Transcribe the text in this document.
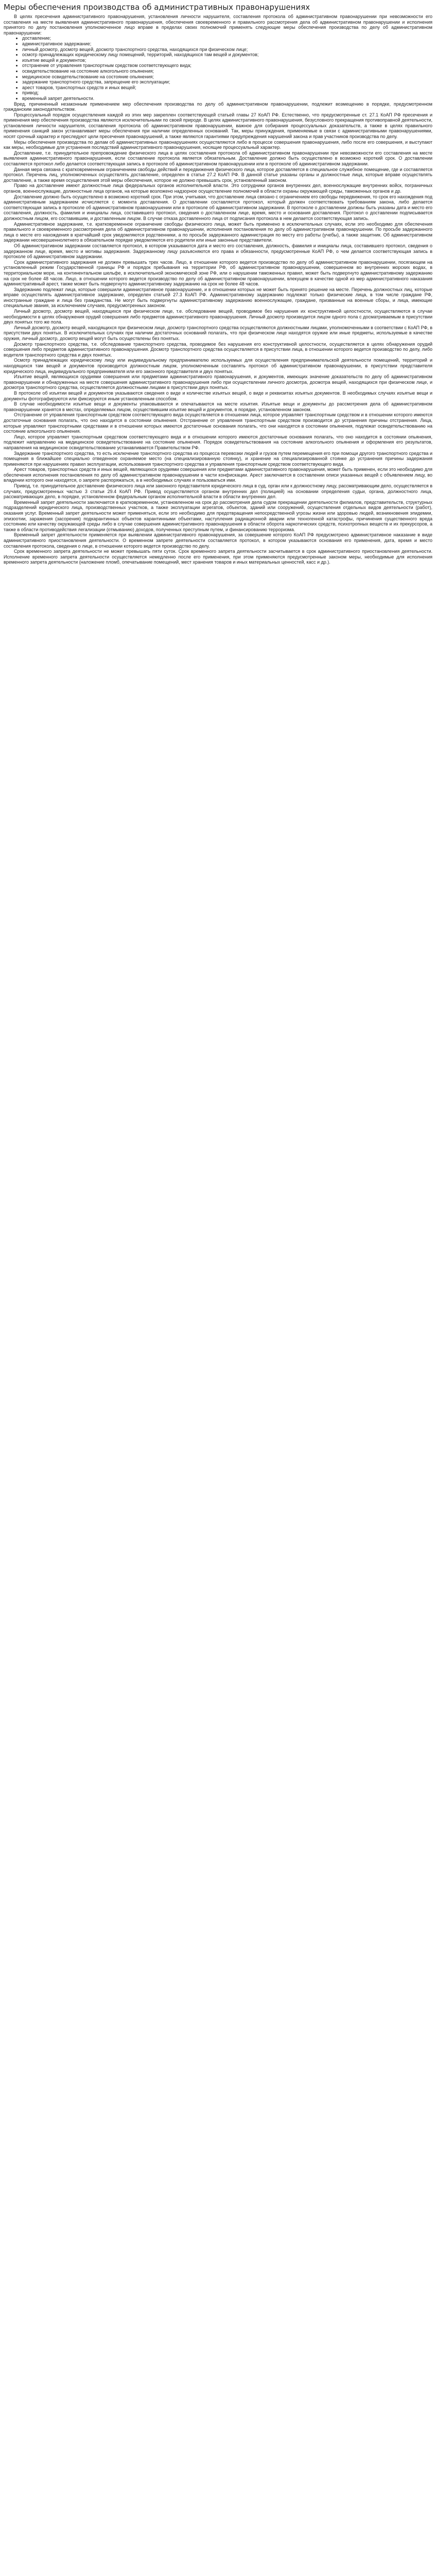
Меры обеспечения производства об административных правонарушениях

В целях пресечения административного правонарушения, установления личности нарушителя, составления протокола об административном правонарушении при невозможности его составления на месте выявления административного правонарушения, обеспечения своевременного и правильного рассмотрения дела об административном правонарушении и исполнения принятого по делу постановления уполномоченное лицо вправе в пределах своих полномочий применять следующие меры обеспечения производства по делу об административном правонарушении:

• доставление;
• административное задержание;
• личный досмотр, досмотр вещей, досмотр транспортного средства, находящихся при физическом лице;
• осмотр принадлежащих юридическому лицу помещений, территорий, находящихся там вещей и документов;
• изъятие вещей и документов;
• отстранение от управления транспортным средством соответствующего вида;
• освидетельствование на состояние алкогольного опьянения;
• медицинское освидетельствование на состояние опьянения;
• задержание транспортного средства, запрещение его эксплуатации;
• арест товаров, транспортных средств и иных вещей;
• привод;
• временный запрет деятельности.

Вред, причиненный незаконным применением мер обеспечения производства по делу об административном правонарушении, подлежит возмещению в порядке, предусмотренном гражданским законодательством.

Процессуальный порядок осуществления каждой из этих мер закреплен соответствующей статьей главы 27 КоАП РФ. Естественно, что предусмотренные ст. 27.1 КоАП РФ пресечения и применения мер обеспечения производства являются исключительными по своей природе. В целях административного правонарушения, безусловного прекращения противоправной деятельности, установления личности нарушителя, составления протокола об административном правонарушении, важное для собирания процессуальных доказательств, а также в целях правильного применения санкций закон устанавливает меры обеспечения при наличии определенных оснований. Так, меры принуждения, применяемые в связи с административными правонарушениями, носят срочный характер и преследуют цели пресечения правонарушений, а также являются гарантиями предупреждения нарушений закона и прав участников производства по делу.

Меры обеспечения производства по делам об административных правонарушениях осуществляются либо в процессе совершения правонарушения, либо после его совершения, и выступают как меры, необходимые для устранения последствий административного правонарушения, носящие процессуальный характер.

Доставление, т.е. принудительное препровождение физического лица в целях составления протокола об административном правонарушении при невозможности его составления на месте выявления административного правонарушения, если составление протокола является обязательным. Доставление должно быть осуществлено в возможно короткий срок. О доставлении составляется протокол либо делается соответствующая запись в протоколе об административном правонарушении или в протоколе об административном задержании.

Данная мера связана с кратковременным ограничением свободы действий и передвижения физического лица, которое доставляется в специальное служебное помещение, где и составляется протокол. Перечень лиц, уполномоченных осуществлять доставление, определен в статье 27.2 КоАП РФ. В данной статье указаны органы и должностные лица, которые вправе осуществлять доставление, а также время осуществления этой меры обеспечения, которое не должно превышать срок, установленный законом.

Право на доставление имеют должностные лица федеральных органов исполнительной власти. Это сотрудники органов внутренних дел, военнослужащие внутренних войск, пограничных органов, военнослужащие, должностные лица органов, на которые возложено надзорное осуществление полномочий в области охраны окружающей среды, таможенных органов и др.

Доставление должно быть осуществлено в возможно короткий срок. При этом, учитывая, что доставление лица связано с ограничением его свободы передвижения, то срок его нахождения под административным задержанием исчисляется с момента доставления. О доставлении составляется протокол, который должен соответствовать требованиям закона, либо делается соответствующая запись в протоколе об административном правонарушении или в протоколе об административном задержании. В протоколе о доставлении должны быть указаны дата и место его составления, должность, фамилия и инициалы лица, составившего протокол, сведения о доставленном лице, время, место и основания доставления. Протокол о доставлении подписывается должностным лицом, его составившим, и доставленным лицом. В случае отказа доставленного лица от подписания протокола в нем делается соответствующая запись.

Административное задержание, т.е. кратковременное ограничение свободы физического лица, может быть применено в исключительных случаях, если это необходимо для обеспечения правильного и своевременного рассмотрения дела об административном правонарушении, исполнения постановления по делу об административном правонарушении. По просьбе задержанного лица о месте его нахождения в кратчайший срок уведомляются родственники, а по просьбе задержанного администрация по месту его работы (учебы), а также защитник. Об административном задержании несовершеннолетнего в обязательном порядке уведомляются его родители или иные законные представители.

Об административном задержании составляется протокол, в котором указываются дата и место его составления, должность, фамилия и инициалы лица, составившего протокол, сведения о задержанном лице, время, место и мотивы задержания. Задержанному лицу разъясняются его права и обязанности, предусмотренные КоАП РФ, о чем делается соответствующая запись в протоколе об административном задержании.

Срок административного задержания не должен превышать трех часов. Лицо, в отношении которого ведется производство по делу об административном правонарушении, посягающем на установленный режим Государственной границы РФ и порядок пребывания на территории РФ, об административном правонарушении, совершенном во внутренних морских водах, в территориальном море, на континентальном шельфе, в исключительной экономической зоне РФ, или о нарушении таможенных правил, может быть подвергнуто административному задержанию на срок не более 48 часов. Лицо, в отношении которого ведется производство по делу об административном правонарушении, влекущем в качестве одной из мер административного наказания административный арест, также может быть подвергнуто административному задержанию на срок не более 48 часов.

Задержанию подлежат лица, которые совершили административное правонарушение, и в отношении которых не может быть принято решение на месте. Перечень должностных лиц, которые вправе осуществлять административное задержание, определен статьей 27.3 КоАП РФ. Административному задержанию подлежат только физические лица, в том числе граждане РФ, иностранные граждане и лица без гражданства. Не могут быть подвергнуты административному задержанию военнослужащие, граждане, призванные на военные сборы, и лица, имеющие специальные звания, за исключением случаев, предусмотренных законом.

Личный досмотр, досмотр вещей, находящихся при физическом лице, т.е. обследование вещей, проводимое без нарушения их конструктивной целостности, осуществляются в случае необходимости в целях обнаружения орудий совершения либо предметов административного правонарушения. Личный досмотр производится лицом одного пола с досматриваемым в присутствии двух понятых того же пола.

Личный досмотр, досмотр вещей, находящихся при физическом лице, досмотр транспортного средства осуществляются должностными лицами, уполномоченными в соответствии с КоАП РФ, в присутствии двух понятых. В исключительных случаях при наличии достаточных оснований полагать, что при физическом лице находятся оружие или иные предметы, используемые в качестве оружия, личный досмотр, досмотр вещей могут быть осуществлены без понятых.

Досмотр транспортного средства, т.е. обследование транспортного средства, проводимое без нарушения его конструктивной целостности, осуществляется в целях обнаружения орудий совершения либо предметов административного правонарушения. Досмотр транспортного средства осуществляется в присутствии лица, в отношении которого ведется производство по делу, либо водителя транспортного средства и двух понятых.

Осмотр принадлежащих юридическому лицу или индивидуальному предпринимателю используемых для осуществления предпринимательской деятельности помещений, территорий и находящихся там вещей и документов производится должностным лицом, уполномоченным составлять протокол об административном правонарушении, в присутствии представителя юридического лица, индивидуального предпринимателя или его законного представителя и двух понятых.

Изъятие вещей, являющихся орудиями совершения или предметами административного правонарушения, и документов, имеющих значение доказательств по делу об административном правонарушении и обнаруженных на месте совершения административного правонарушения либо при осуществлении личного досмотра, досмотра вещей, находящихся при физическом лице, и досмотра транспортного средства, осуществляется должностными лицами в присутствии двух понятых.

В протоколе об изъятии вещей и документов указываются сведения о виде и количестве изъятых вещей, о виде и реквизитах изъятых документов. В необходимых случаях изъятые вещи и документы фотографируются или фиксируются иным установленным способом.

В случае необходимости изъятые вещи и документы упаковываются и опечатываются на месте изъятия. Изъятые вещи и документы до рассмотрения дела об административном правонарушении хранятся в местах, определяемых лицом, осуществившим изъятие вещей и документов, в порядке, установленном законом.

Отстранение от управления транспортным средством соответствующего вида осуществляется в отношении лица, которое управляет транспортным средством и в отношении которого имеются достаточные основания полагать, что оно находится в состоянии опьянения. Отстранение от управления транспортным средством производится до устранения причины отстранения. Лица, которые управляют транспортными средствами и в отношении которых имеются достаточные основания полагать, что они находятся в состоянии опьянения, подлежат освидетельствованию на состояние алкогольного опьянения.

Лицо, которое управляет транспортным средством соответствующего вида и в отношении которого имеются достаточные основания полагать, что оно находится в состоянии опьянения, подлежит направлению на медицинское освидетельствование на состояние опьянения. Порядок освидетельствования на состояние алкогольного опьянения и оформления его результатов, направления на медицинское освидетельствование устанавливается Правительством РФ.

Задержание транспортного средства, то есть исключение транспортного средства из процесса перевозки людей и грузов путем перемещения его при помощи другого транспортного средства и помещения в ближайшее специально отведенное охраняемое место (на специализированную стоянку), и хранение на специализированной стоянке до устранения причины задержания применяются при нарушениях правил эксплуатации, использования транспортного средства и управления транспортным средством соответствующего вида.

Арест товаров, транспортных средств и иных вещей, являющихся орудиями совершения или предметами административного правонарушения, может быть применен, если это необходимо для обеспечения исполнения постановления по делу об административном правонарушении в части конфискации. Арест заключается в составлении описи указанных вещей с объявлением лицу, во владении которого они находятся, о запрете распоряжаться, а в необходимых случаях и пользоваться ими.

Привод, т.е. принудительное доставление физического лица или законного представителя юридического лица в суд, орган или к должностному лицу, рассматривающим дело, осуществляется в случаях, предусмотренных частью 3 статьи 29.4 КоАП РФ. Привод осуществляется органом внутренних дел (полицией) на основании определения судьи, органа, должностного лица, рассматривающих дело, в порядке, установленном федеральным органом исполнительной власти в области внутренних дел.

Временный запрет деятельности заключается в кратковременном, установленном на срок до рассмотрения дела судом прекращении деятельности филиалов, представительств, структурных подразделений юридического лица, производственных участков, а также эксплуатации агрегатов, объектов, зданий или сооружений, осуществления отдельных видов деятельности (работ), оказания услуг. Временный запрет деятельности может применяться, если это необходимо для предотвращения непосредственной угрозы жизни или здоровью людей, возникновения эпидемии, эпизоотии, заражения (засорения) подкарантинных объектов карантинными объектами, наступления радиационной аварии или техногенной катастрофы, причинения существенного вреда состоянию или качеству окружающей среды либо в случае совершения административного правонарушения в области оборота наркотических средств, психотропных веществ и их прекурсоров, а также в области противодействия легализации (отмыванию) доходов, полученных преступным путем, и финансированию терроризма.

Временный запрет деятельности применяется при выявлении административного правонарушения, за совершение которого КоАП РФ предусмотрено административное наказание в виде административного приостановления деятельности. О временном запрете деятельности составляется протокол, в котором указываются основания его применения, дата, время и место составления протокола, сведения о лице, в отношении которого ведется производство по делу.

Срок временного запрета деятельности не может превышать пяти суток. Срок временного запрета деятельности засчитывается в срок административного приостановления деятельности. Исполнение временного запрета деятельности осуществляется немедленно после его применения, при этом применяются предусмотренные законом меры, необходимые для исполнения временного запрета деятельности (наложение пломб, опечатывание помещений, мест хранения товаров и иных материальных ценностей, касс и др.).
